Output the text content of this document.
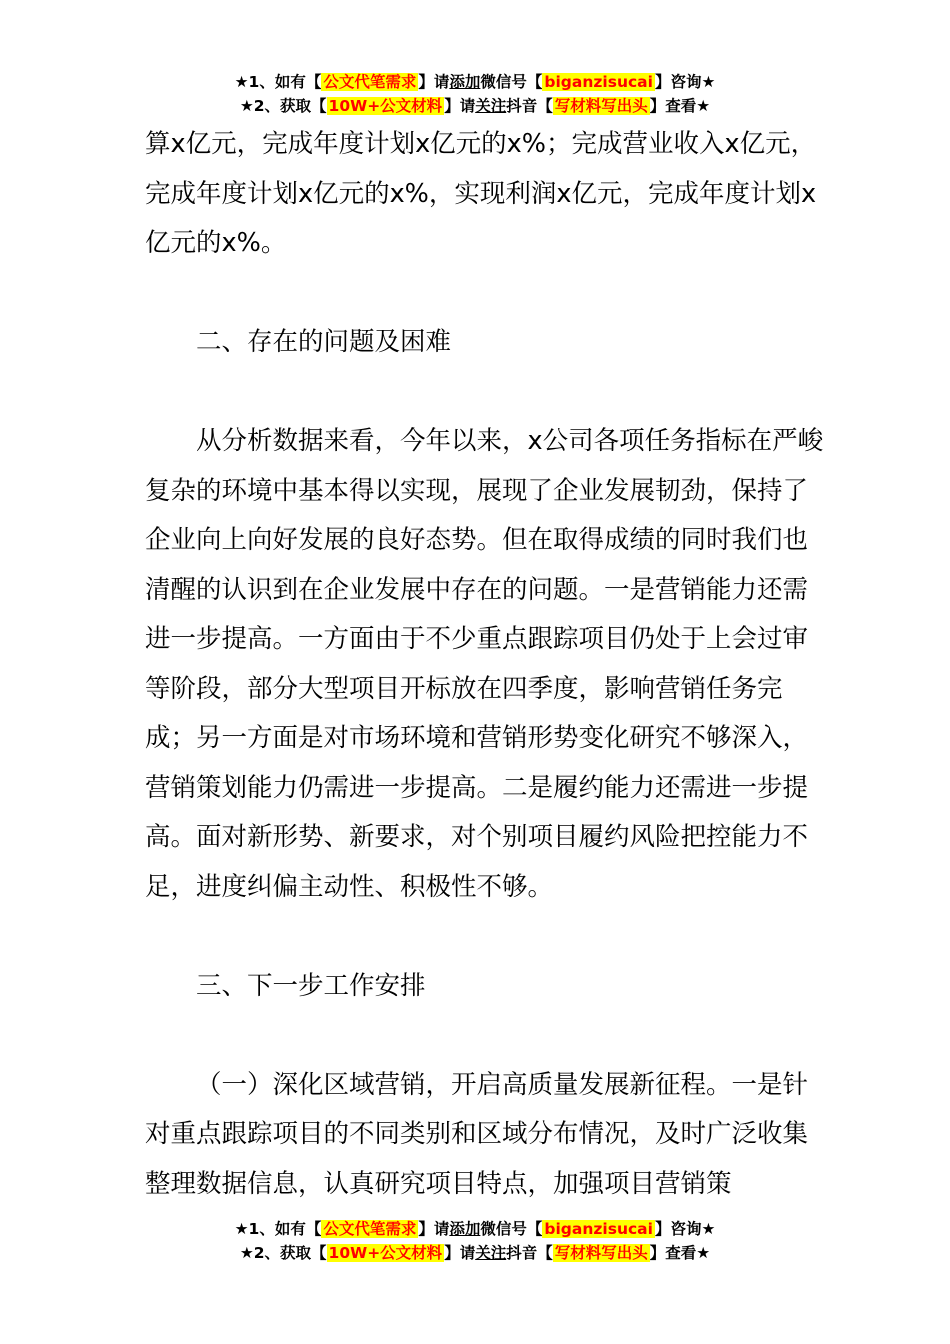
★1、如有【 公文代笔需求 】请添加微信号【 biganzisucai 】咨询★
★2、获取【 10W+公文材料 】请关注抖音【 写材料写出头 】查看★

算x亿元，完成年度计划x亿元的x%；完成营业收入x亿元，完成年度计划x亿元的x%，实现利润x亿元，完成年度计划x亿元的x%。

二、存在的问题及困难

从分析数据来看，今年以来，x公司各项任务指标在严峻复杂的环境中基本得以实现，展现了企业发展韧劲，保持了企业向上向好发展的良好态势。但在取得成绩的同时我们也清醒的认识到在企业发展中存在的问题。一是营销能力还需进一步提高。一方面由于不少重点跟踪项目仍处于上会过审等阶段，部分大型项目开标放在四季度，影响营销任务完成；另一方面是对市场环境和营销形势变化研究不够深入，营销策划能力仍需进一步提高。二是履约能力还需进一步提高。面对新形势、新要求，对个别项目履约风险把控能力不足，进度纠偏主动性、积极性不够。

三、下一步工作安排

（一）深化区域营销，开启高质量发展新征程。一是针对重点跟踪项目的不同类别和区域分布情况，及时广泛收集整理数据信息，认真研究项目特点，加强项目营销策

★1、如有【 公文代笔需求 】请添加微信号【 biganzisucai 】咨询★
★2、获取【 10W+公文材料 】请关注抖音【 写材料写出头 】查看★
